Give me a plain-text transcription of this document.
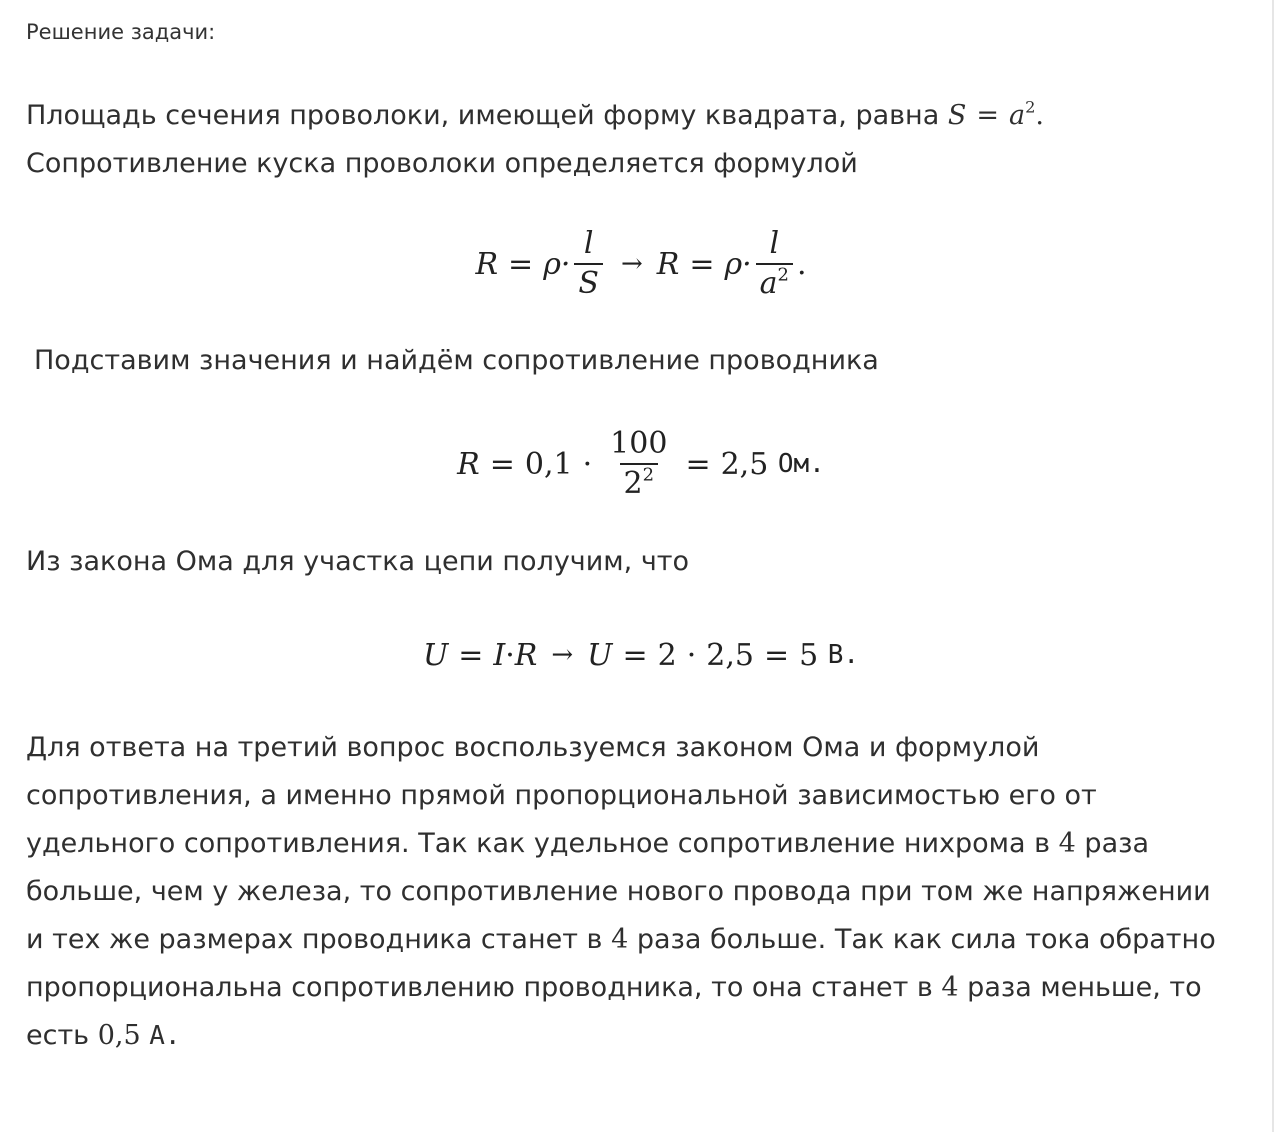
Решение задачи:
Площадь сечения проволоки, имеющей форму квадрата, равна $S = a^2$.
Сопротивление куска проволоки определяется формулой
$R = \rho\cdot \frac{l}{S} \to R = \rho\cdot \frac{l}{a^2}$ .
Подставим значения и найдём сопротивление проводника
$R = 0,1 \cdot \frac{100}{2^2} = 2,5$
Ом.
Из закона Ома для участка цепи получим, что
U = I · R → U = 2 · 2,5 = 5
В.
Для ответа на третий вопрос воспользуемся законом Ома и формулой сопротивления, а именно прямой пропорциональной зависимостью его от удельного сопротивления. Так как удельное сопротивление нихрома в 4 раза больше, чем у железа, то сопротивление нового провода при том же напряжении и тех же размерах проводника станет в 4 раза больше. Так как сила тока обратно пропорциональна сопротивлению проводника, то она станет в 4 раза меньше, то есть 0,5 А.
